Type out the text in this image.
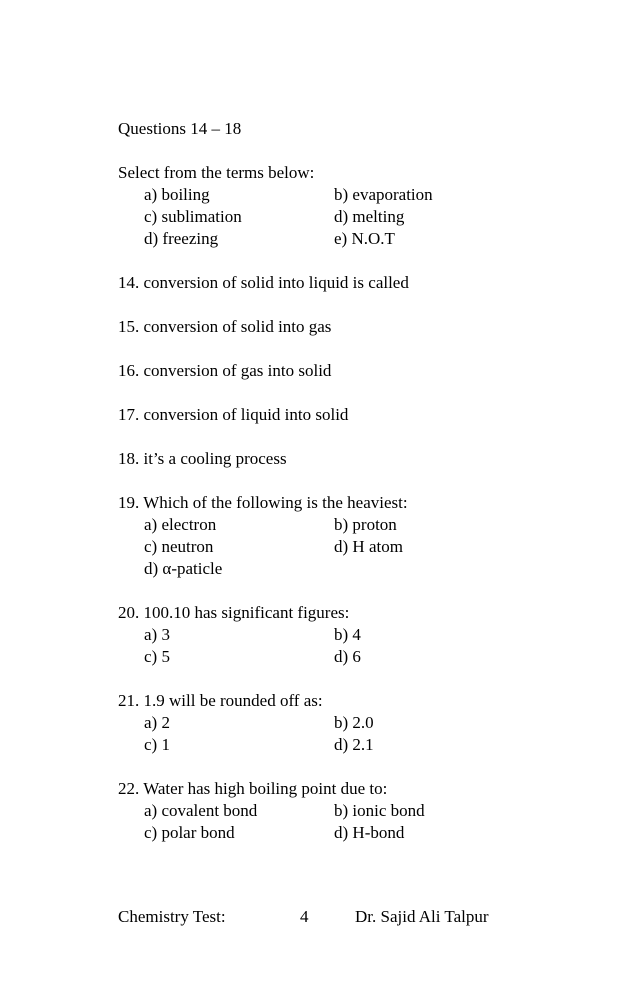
Questions 14 – 18
Select from the terms below:
a) boiling	b) evaporation
c) sublimation	d) melting
d) freezing	e) N.O.T
14. conversion of solid into liquid is called
15. conversion of solid into gas
16. conversion of gas into solid
17. conversion of liquid into solid
18. it’s a cooling process
19. Which of the following is the heaviest:
a) electron	b) proton
c) neutron	d) H atom
d) α-paticle
20. 100.10 has significant figures:
a) 3	b) 4
c) 5	d) 6
21. 1.9 will be rounded off as:
a) 2	b) 2.0
c) 1	d) 2.1
22. Water has high boiling point due to:
a) covalent bond	b) ionic bond
c) polar bond	d) H-bond
Chemistry Test:	4	Dr. Sajid Ali Talpur
